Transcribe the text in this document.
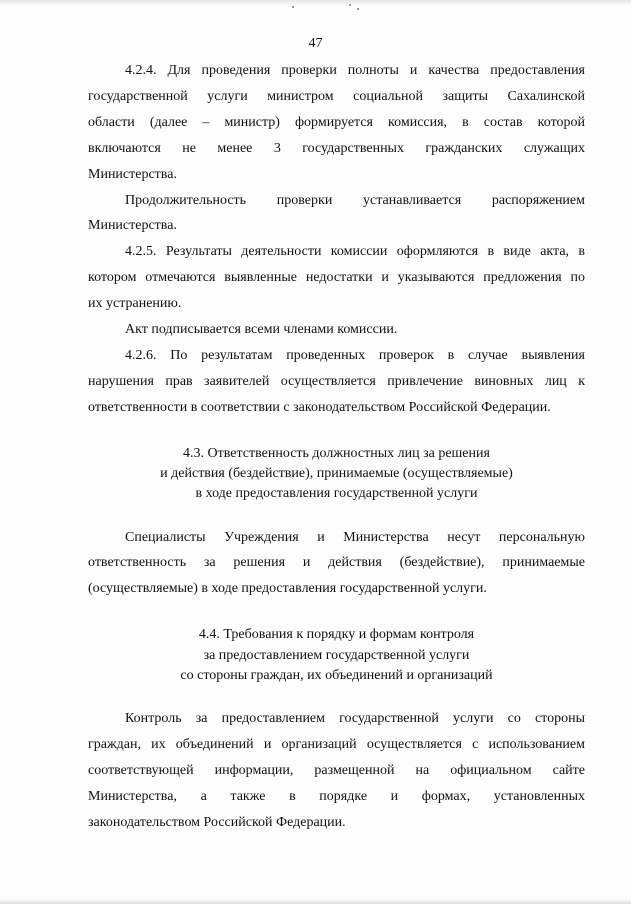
47

4.2.4. Для проведения проверки полноты и качества предоставления

государственной услуги министром социальной защиты Сахалинской

области (далее – министр) формируется комиссия, в состав которой

включаются не менее 3 государственных гражданских служащих

Министерства.

Продолжительность проверки устанавливается распоряжением

Министерства.

4.2.5. Результаты деятельности комиссии оформляются в виде акта, в

котором отмечаются выявленные недостатки и указываются предложения по

их устранению.

Акт подписывается всеми членами комиссии.

4.2.6. По результатам проведенных проверок в случае выявления

нарушения прав заявителей осуществляется привлечение виновных лиц к

ответственности в соответствии с законодательством Российской Федерации.

4.3. Ответственность должностных лиц за решения
и действия (бездействие), принимаемые (осуществляемые)
в ходе предоставления государственной услуги

Специалисты Учреждения и Министерства несут персональную

ответственность за решения и действия (бездействие), принимаемые

(осуществляемые) в ходе предоставления государственной услуги.

4.4. Требования к порядку и формам контроля
за предоставлением государственной услуги
со стороны граждан, их объединений и организаций

Контроль за предоставлением государственной услуги со стороны

граждан, их объединений и организаций осуществляется с использованием

соответствующей информации, размещенной на официальном сайте

Министерства, а также в порядке и формах, установленных

законодательством Российской Федерации.
